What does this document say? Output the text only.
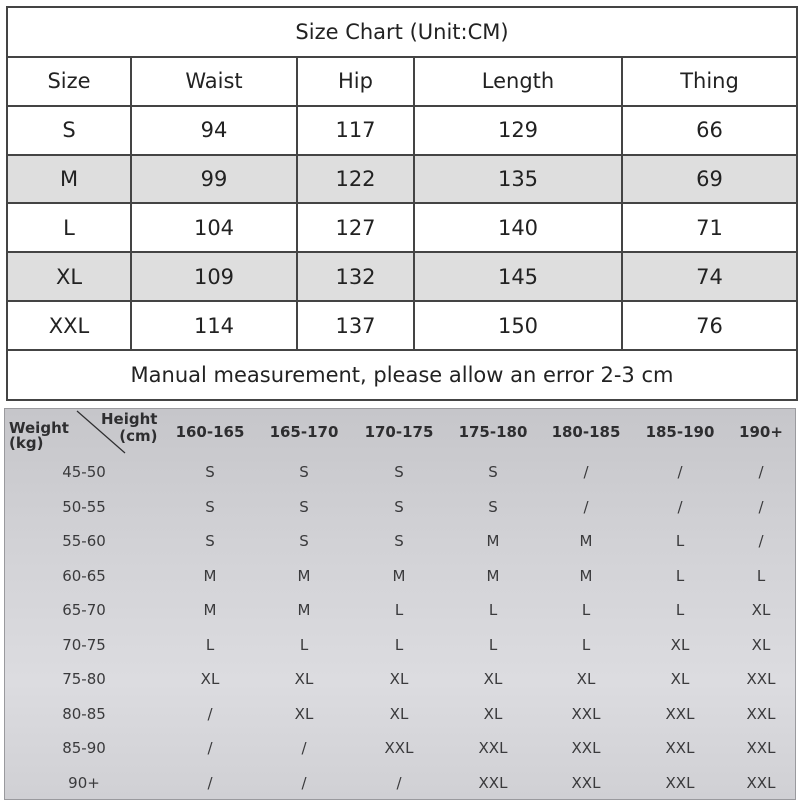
Size Chart (Unit:CM)				
Size	Waist	Hip	Length	Thing
S	94	117	129	66
M	99	122	135	69
L	104	127	140	71
XL	109	132	145	74
XXL	114	137	150	76
Manual measurement, please allow an error 2-3 cm				
Weight
(kg)
Height
(cm)	160-165	165-170	170-175	175-180	180-185	185-190	190+
45-50	S	S	S	S	/	/	/
50-55	S	S	S	S	/	/	/
55-60	S	S	S	M	M	L	/
60-65	M	M	M	M	M	L	L
65-70	M	M	L	L	L	L	XL
70-75	L	L	L	L	L	XL	XL
75-80	XL	XL	XL	XL	XL	XL	XXL
80-85	/	XL	XL	XL	XXL	XXL	XXL
85-90	/	/	XXL	XXL	XXL	XXL	XXL
90+	/	/	/	XXL	XXL	XXL	XXL
